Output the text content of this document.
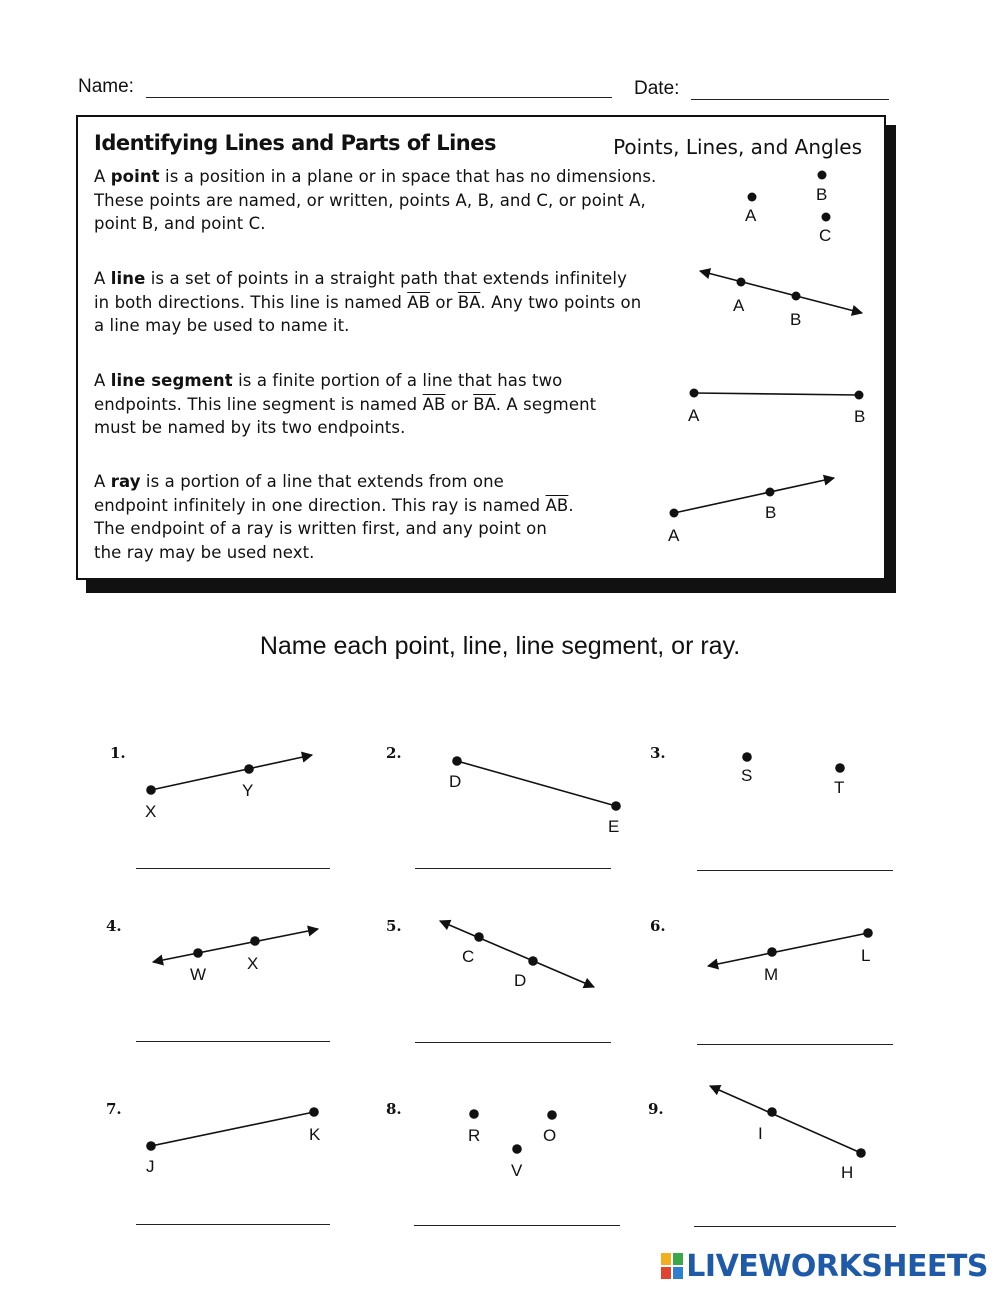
Name:	Date:
Identifying Lines and Parts of Lines	Points, Lines, and Angles
A point is a position in a plane or in space that has no dimensions.
These points are named, or written, points A, B, and C, or point A,
point B, and point C.
A line is a set of points in a straight path that extends infinitely
in both directions. This line is named $\overline{AB}$ or $\overline{BA}$. Any two points on
a line may be used to name it.
A line segment is a finite portion of a line that has two
endpoints. This line segment is named $\overline{AB}$ or $\overline{BA}$. A segment
must be named by its two endpoints.
A ray is a portion of a line that extends from one
endpoint infinitely in one direction. This ray is named $\overline{AB}$.
The endpoint of a ray is written first, and any point on
the ray may be used next.
A
B
C
A
B
A	B
A
B
Name each point, line, line segment, or ray.
1.	2.	3.
4.	5.	6.
7.	8.	9.
X
Y	D
E
S
T
W
X	C
D	M
L
J
K	R	O
V
I
H
LIVEWORKSHEETS
